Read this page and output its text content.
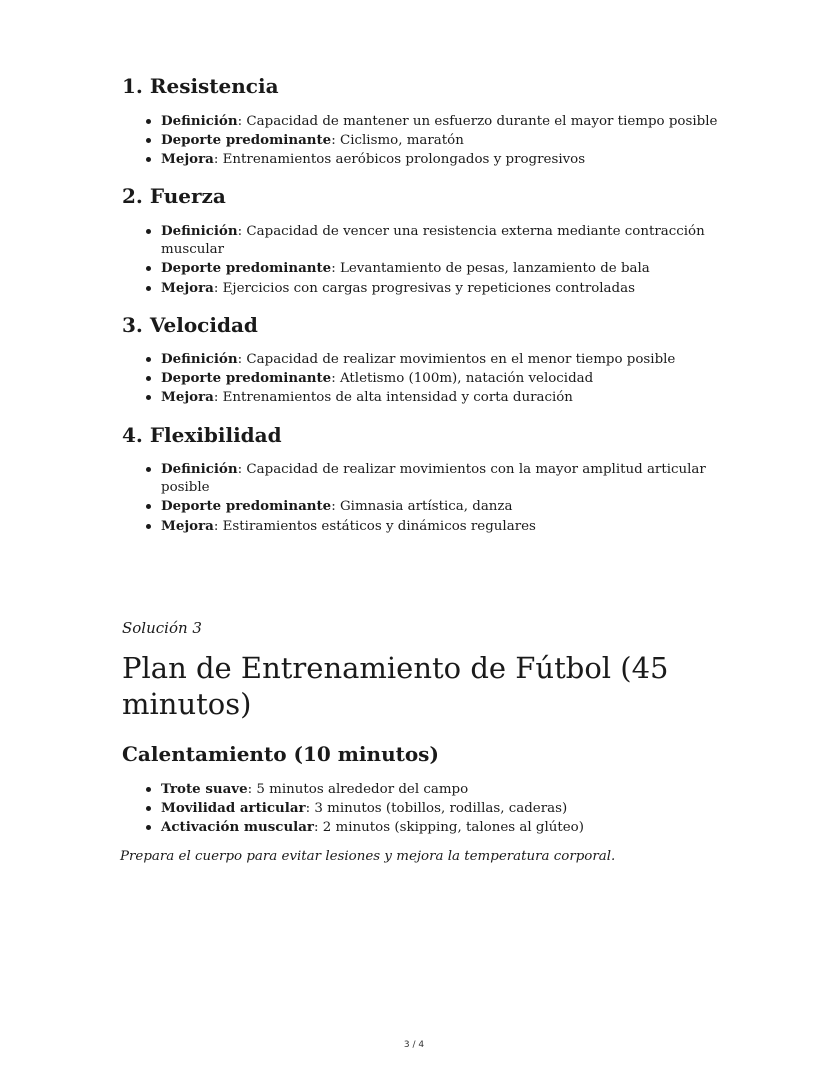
1. Resistencia
Definición: Capacidad de mantener un esfuerzo durante el mayor tiempo posible
Deporte predominante: Ciclismo, maratón
Mejora: Entrenamientos aeróbicos prolongados y progresivos
2. Fuerza
Definición: Capacidad de vencer una resistencia externa mediante contracción muscular
Deporte predominante: Levantamiento de pesas, lanzamiento de bala
Mejora: Ejercicios con cargas progresivas y repeticiones controladas
3. Velocidad
Definición: Capacidad de realizar movimientos en el menor tiempo posible
Deporte predominante: Atletismo (100m), natación velocidad
Mejora: Entrenamientos de alta intensidad y corta duración
4. Flexibilidad
Definición: Capacidad de realizar movimientos con la mayor amplitud articular posible
Deporte predominante: Gimnasia artística, danza
Mejora: Estiramientos estáticos y dinámicos regulares

Solución 3

Plan de Entrenamiento de Fútbol (45 minutos)
Calentamiento (10 minutos)
Trote suave: 5 minutos alrededor del campo
Movilidad articular: 3 minutos (tobillos, rodillas, caderas)
Activación muscular: 2 minutos (skipping, talones al glúteo)

Prepara el cuerpo para evitar lesiones y mejora la temperatura corporal.

3 / 4
